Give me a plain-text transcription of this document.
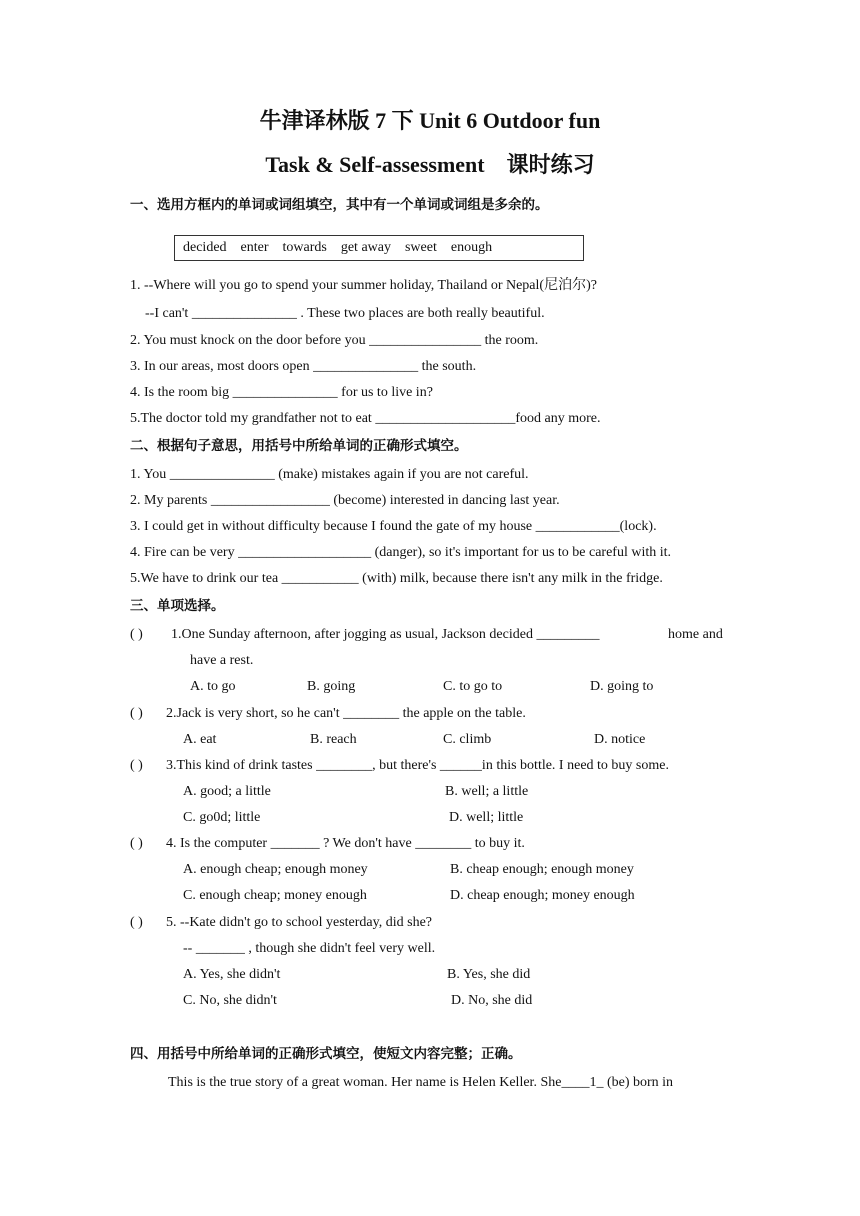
牛津译林版 7 下 Unit 6 Outdoor fun
Task & Self-assessment　课时练习
一、选用方框内的单词或词组填空，其中有一个单词或词组是多余的。
decided    enter    towards    get away    sweet    enough
1. --Where will you go to spend your summer holiday, Thailand or Nepal(尼泊尔)?
--I can't _______________ . These two places are both really beautiful.
2. You must knock on the door before you ________________ the room.
3. In our areas, most doors open _______________ the south.
4. Is the room big _______________ for us to live in?
5.The doctor told my grandfather not to eat ____________________food any more.
二、根据句子意思，用括号中所给单词的正确形式填空。
1. You _______________ (make) mistakes again if you are not careful.
2. My parents _________________ (become) interested in dancing last year.
3. I could get in without difficulty because I found the gate of my house ____________(lock).
4. Fire can be very ___________________ (danger), so it's important for us to be careful with it.
5.We have to drink our tea ___________ (with) milk, because there isn't any milk in the fridge.
三、单项选择。
( ) 1.One Sunday afternoon, after jogging as usual, Jackson decided _________	home and
have a rest.
A. to go	B. going	C. to go to	D. going to
( ) 2.Jack is very short, so he can't ________ the apple on the table.
A. eat	B. reach	C. climb	D. notice
( ) 3.This kind of drink tastes ________, but there's ______in this bottle. I need to buy some.
A. good; a little	B. well; a little
C. go0d; little	D. well; little
( ) 4. Is the computer _______ ? We don't have ________ to buy it.
A. enough cheap; enough money	B. cheap enough; enough money
C. enough cheap; money enough	D. cheap enough; money enough
( ) 5. --Kate didn't go to school yesterday, did she?
-- _______ , though she didn't feel very well.
A. Yes, she didn't	B. Yes, she did
C. No, she didn't	D. No, she did
四、用括号中所给单词的正确形式填空，使短文内容完整；正确。
This is the true story of a great woman. Her name is Helen Keller. She____1_ (be) born in
